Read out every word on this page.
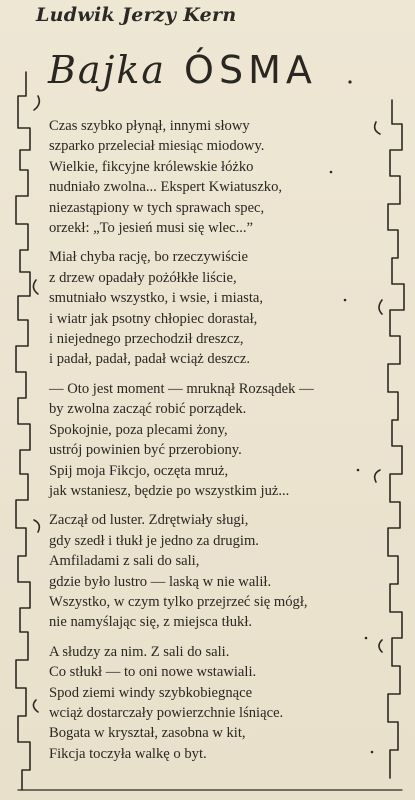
Ludwik Jerzy Kern
Bajka ÓSMA
Czas szybko płynął, innymi słowy
szparko przeleciał miesiąc miodowy.
Wielkie, fikcyjne królewskie łóżko
nudniało zwolna... Ekspert Kwiatuszko,
niezastąpiony w tych sprawach spec,
orzekł: „To jesień musi się wlec...”
Miał chyba rację, bo rzeczywiście
z drzew opadały pożółkłe liście,
smutniało wszystko, i wsie, i miasta,
i wiatr jak psotny chłopiec dorastał,
i niejednego przechodził dreszcz,
i padał, padał, padał wciąż deszcz.
— Oto jest moment — mruknął Rozsądek —
by zwolna zacząć robić porządek.
Spokojnie, poza plecami żony,
ustrój powinien być przerobiony.
Spij moja Fikcjo, oczęta mruż,
jak wstaniesz, będzie po wszystkim już...
Zaczął od luster. Zdrętwiały sługi,
gdy szedł i tłukł je jedno za drugim.
Amfiladami z sali do sali,
gdzie było lustro — laską w nie walił.
Wszystko, w czym tylko przejrzeć się mógł,
nie namyślając się, z miejsca tłukł.
A słudzy za nim. Z sali do sali.
Co stłukł — to oni nowe wstawiali.
Spod ziemi windy szybkobiegnące
wciąż dostarczały powierzchnie lśniące.
Bogata w kryształ, zasobna w kit,
Fikcja toczyła walkę o byt.
